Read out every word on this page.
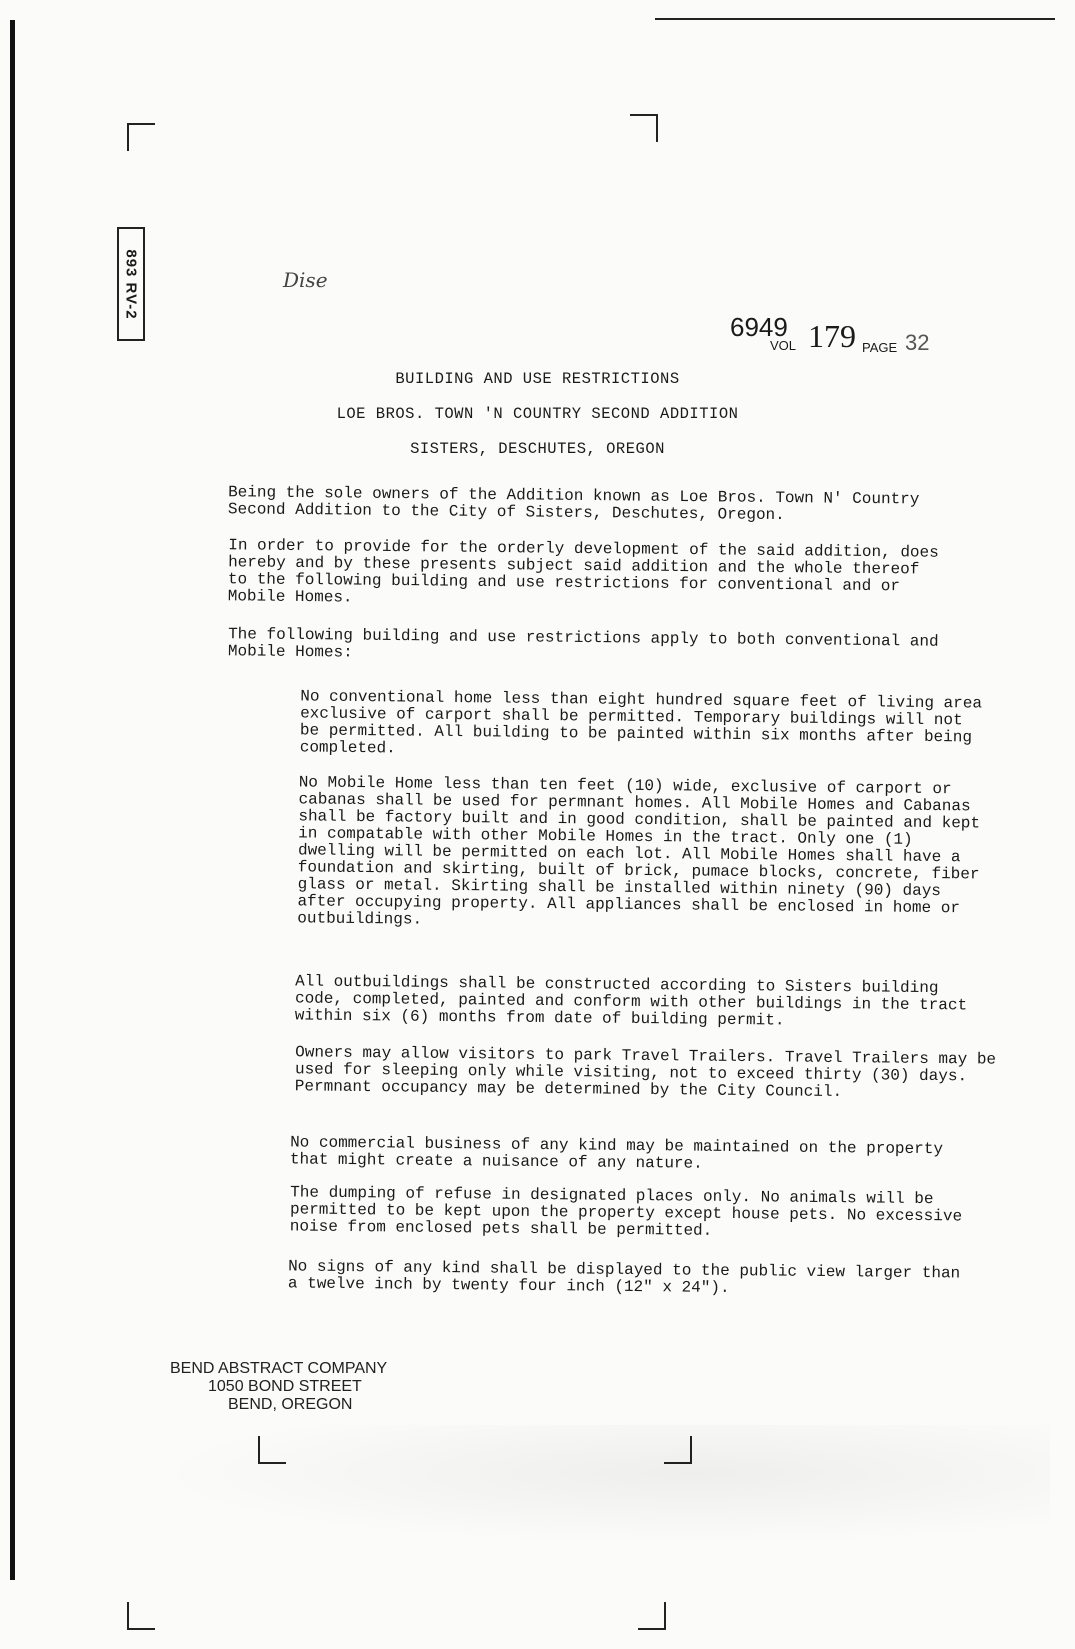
893 RV-2	Dise
6949
VOL 179 PAGE 32
BUILDING AND USE RESTRICTIONS
LOE BROS. TOWN 'N COUNTRY SECOND ADDITION
SISTERS, DESCHUTES, OREGON

Being the sole owners of the Addition known as Loe Bros. Town N' Country Second Addition to the City of Sisters, Deschutes, Oregon.

In order to provide for the orderly development of the said addition, does hereby and by these presents subject said addition and the whole thereof to the following building and use restrictions for conventional and or Mobile Homes.

The following building and use restrictions apply to both conventional and Mobile Homes:

No conventional home less than eight hundred square feet of living area exclusive of carport shall be permitted. Temporary buildings will not be permitted. All building to be painted within six months after being completed.

No Mobile Home less than ten feet (10) wide, exclusive of carport or cabanas shall be used for permnant homes. All Mobile Homes and Cabanas shall be factory built and in good condition, shall be painted and kept in compatable with other Mobile Homes in the tract. Only one (1) dwelling will be permitted on each lot. All Mobile Homes shall have a foundation and skirting, built of brick, pumace blocks, concrete, fiber glass or metal. Skirting shall be installed within ninety (90) days after occupying property. All appliances shall be enclosed in home or outbuildings.

All outbuildings shall be constructed according to Sisters building code, completed, painted and conform with other buildings in the tract within six (6) months from date of building permit.

Owners may allow visitors to park Travel Trailers. Travel Trailers may be used for sleeping only while visiting, not to exceed thirty (30) days. Permnant occupancy may be determined by the City Council.

No commercial business of any kind may be maintained on the property that might create a nuisance of any nature.

The dumping of refuse in designated places only. No animals will be permitted to be kept upon the property except house pets. No excessive noise from enclosed pets shall be permitted.

No signs of any kind shall be displayed to the public view larger than a twelve inch by twenty four inch (12" x 24").

BEND ABSTRACT COMPANY
1050 BOND STREET
BEND, OREGON
